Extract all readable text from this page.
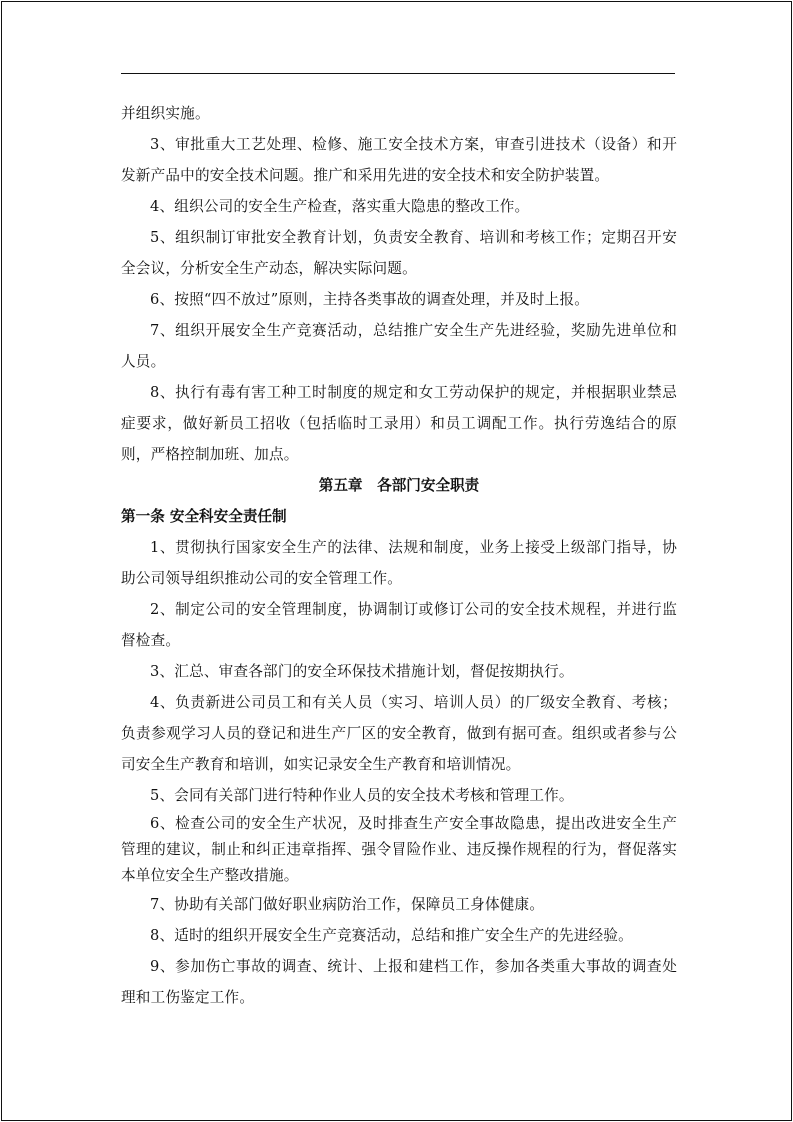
并组织实施。

3、审批重大工艺处理、检修、施工安全技术方案，审查引进技术（设备）和开发新产品中的安全技术问题。推广和采用先进的安全技术和安全防护装置。

4、组织公司的安全生产检查，落实重大隐患的整改工作。

5、组织制订审批安全教育计划，负责安全教育、培训和考核工作；定期召开安全会议，分析安全生产动态，解决实际问题。

6、按照“四不放过”原则，主持各类事故的调查处理，并及时上报。

7、组织开展安全生产竞赛活动，总结推广安全生产先进经验，奖励先进单位和人员。

8、执行有毒有害工种工时制度的规定和女工劳动保护的规定，并根据职业禁忌症要求，做好新员工招收（包括临时工录用）和员工调配工作。执行劳逸结合的原则，严格控制加班、加点。

第五章　各部门安全职责
第一条 安全科安全责任制

1、贯彻执行国家安全生产的法律、法规和制度，业务上接受上级部门指导，协助公司领导组织推动公司的安全管理工作。

2、制定公司的安全管理制度，协调制订或修订公司的安全技术规程，并进行监督检查。

3、汇总、审查各部门的安全环保技术措施计划，督促按期执行。

4、负责新进公司员工和有关人员（实习、培训人员）的厂级安全教育、考核；负责参观学习人员的登记和进生产厂区的安全教育，做到有据可查。组织或者参与公司安全生产教育和培训，如实记录安全生产教育和培训情况。

5、会同有关部门进行特种作业人员的安全技术考核和管理工作。

6、检查公司的安全生产状况，及时排查生产安全事故隐患，提出改进安全生产管理的建议，制止和纠正违章指挥、强令冒险作业、违反操作规程的行为，督促落实本单位安全生产整改措施。

7、协助有关部门做好职业病防治工作，保障员工身体健康。

8、适时的组织开展安全生产竞赛活动，总结和推广安全生产的先进经验。

9、参加伤亡事故的调查、统计、上报和建档工作，参加各类重大事故的调查处理和工伤鉴定工作。
